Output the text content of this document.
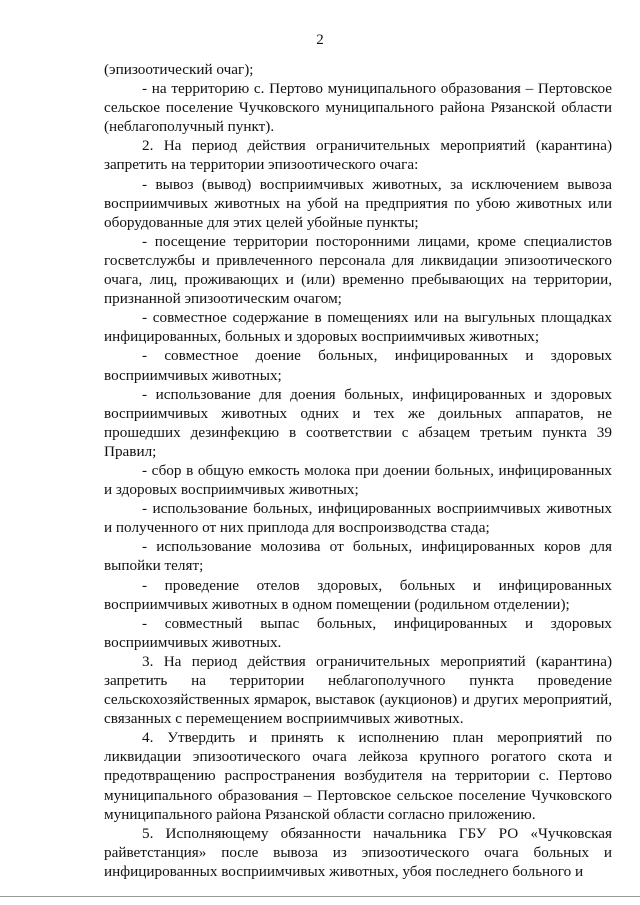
2

(эпизоотический очаг);

- на территорию с. Пертово муниципального образования – Пертовское сельское поселение Чучковского муниципального района Рязанской области (неблагополучный пункт).

2. На период действия ограничительных мероприятий (карантина) запретить на территории эпизоотического очага:

- вывоз (вывод) восприимчивых животных, за исключением вывоза восприимчивых животных на убой на предприятия по убою животных или оборудованные для этих целей убойные пункты;

- посещение территории посторонними лицами, кроме специалистов госветслужбы и привлеченного персонала для ликвидации эпизоотического очага, лиц, проживающих и (или) временно пребывающих на территории, признанной эпизоотическим очагом;

- совместное содержание в помещениях или на выгульных площадках инфицированных, больных и здоровых восприимчивых животных;

- совместное доение больных, инфицированных и здоровых восприимчивых животных;

- использование для доения больных, инфицированных и здоровых восприимчивых животных одних и тех же доильных аппаратов, не прошедших дезинфекцию в соответствии с абзацем третьим пункта 39 Правил;

- сбор в общую емкость молока при доении больных, инфицированных и здоровых восприимчивых животных;

- использование больных, инфицированных восприимчивых животных и полученного от них приплода для воспроизводства стада;

- использование молозива от больных, инфицированных коров для выпойки телят;

- проведение отелов здоровых, больных и инфицированных восприимчивых животных в одном помещении (родильном отделении);

- совместный выпас больных, инфицированных и здоровых восприимчивых животных.

3. На период действия ограничительных мероприятий (карантина) запретить на территории неблагополучного пункта проведение сельскохозяйственных ярмарок, выставок (аукционов) и других мероприятий, связанных с перемещением восприимчивых животных.

4. Утвердить и принять к исполнению план мероприятий по ликвидации эпизоотического очага лейкоза крупного рогатого скота и предотвращению распространения возбудителя на территории с. Пертово муниципального образования – Пертовское сельское поселение Чучковского муниципального района Рязанской области согласно приложению.

5. Исполняющему обязанности начальника ГБУ РО «Чучковская райветстанция» после вывоза из эпизоотического очага больных и инфицированных восприимчивых животных, убоя последнего больного и
